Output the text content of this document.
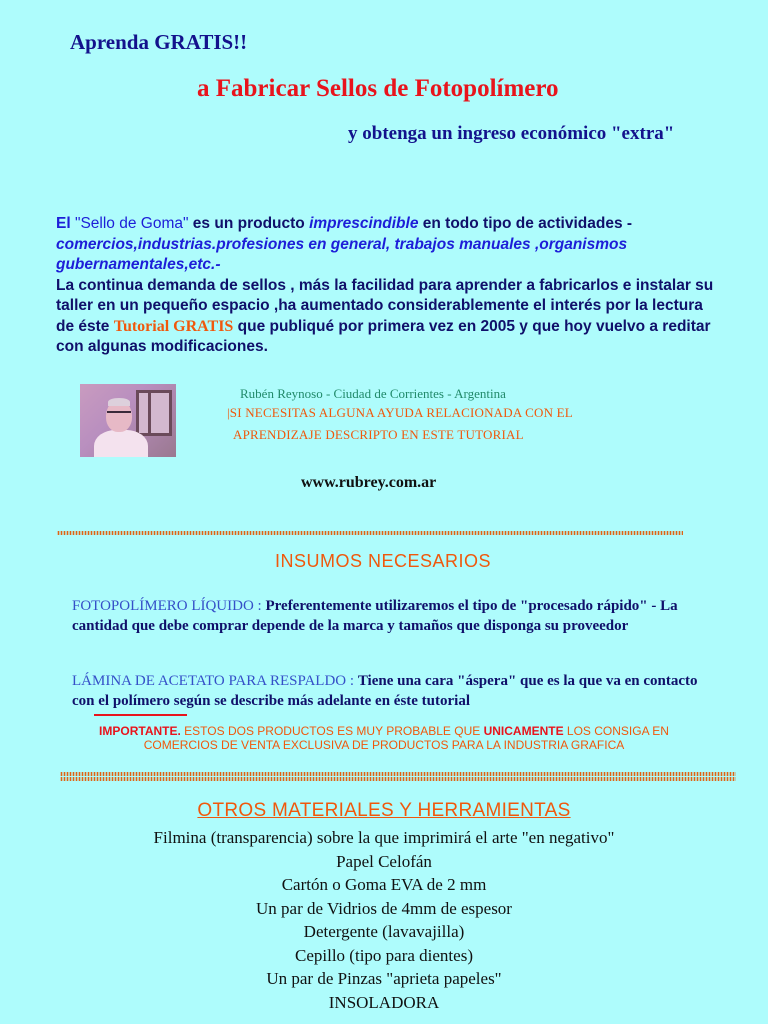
Aprenda GRATIS!!
a Fabricar Sellos de Fotopolímero
y obtenga un ingreso económico "extra"
El "Sello de Goma" es un producto imprescindible en todo tipo de actividades -
comercios,industrias.profesiones en general, trabajos manuales ,organismos gubernamentales,etc.-
La continua demanda de sellos , más la facilidad para aprender a fabricarlos e instalar su taller en un pequeño espacio ,ha aumentado considerablemente el interés por la lectura de éste Tutorial GRATIS que publiqué por primera vez en 2005 y que hoy vuelvo a reditar con algunas modificaciones.
Rubén Reynoso - Ciudad de Corrientes - Argentina
|SI NECESITAS ALGUNA AYUDA RELACIONADA CON EL
APRENDIZAJE DESCRIPTO EN ESTE TUTORIAL
www.rubrey.com.ar
INSUMOS NECESARIOS
FOTOPOLÍMERO LÍQUIDO : Preferentemente utilizaremos el tipo de "procesado rápido" - La cantidad que debe comprar depende de la marca y tamaños que disponga su proveedor
LÁMINA DE ACETATO PARA RESPALDO : Tiene una cara "áspera" que es la que va en contacto con el polímero según se describe más adelante en éste tutorial
IMPORTANTE. ESTOS DOS PRODUCTOS ES MUY PROBABLE QUE UNICAMENTE LOS CONSIGA EN COMERCIOS DE VENTA EXCLUSIVA DE PRODUCTOS PARA LA INDUSTRIA GRAFICA
OTROS MATERIALES Y HERRAMIENTAS
Filmina (transparencia) sobre la que imprimirá el arte "en negativo"
Papel Celofán
Cartón o Goma EVA de 2 mm
Un par de Vidrios de 4mm de espesor
Detergente (lavavajilla)
Cepillo (tipo para dientes)
Un par de Pinzas "aprieta papeles"
INSOLADORA
